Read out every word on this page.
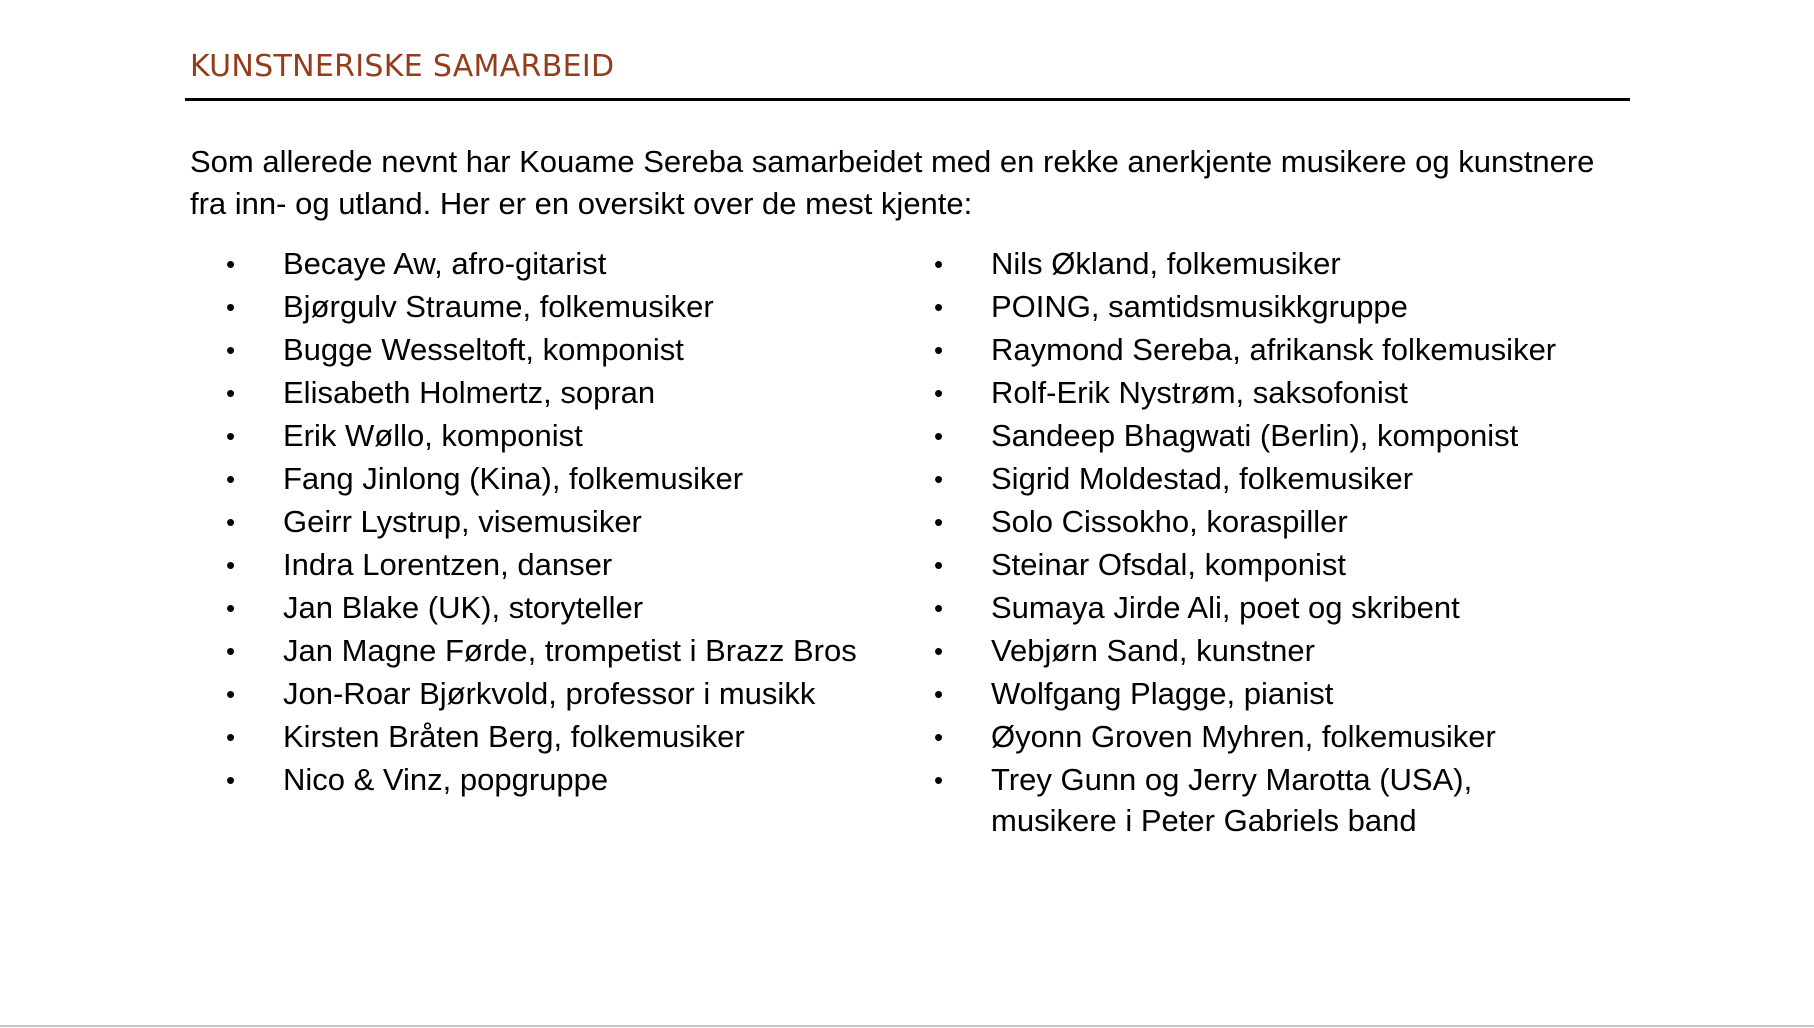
KUNSTNERISKE SAMARBEID

Som allerede nevnt har Kouame Sereba samarbeidet med en rekke anerkjente musikere og kunstnere fra inn- og utland. Her er en oversikt over de mest kjente:

•	Becaye Aw, afro-gitarist
•	Bjørgulv Straume, folkemusiker
•	Bugge Wesseltoft, komponist
•	Elisabeth Holmertz, sopran
•	Erik Wøllo, komponist
•	Fang Jinlong (Kina), folkemusiker
•	Geirr Lystrup, visemusiker
•	Indra Lorentzen, danser
•	Jan Blake (UK), storyteller
•	Jan Magne Førde, trompetist i Brazz Bros
•	Jon-Roar Bjørkvold, professor i musikk
•	Kirsten Bråten Berg, folkemusiker
•	Nico & Vinz, popgruppe
•	Nils Økland, folkemusiker
•	POING, samtidsmusikkgruppe
•	Raymond Sereba, afrikansk folkemusiker
•	Rolf-Erik Nystrøm, saksofonist
•	Sandeep Bhagwati (Berlin), komponist
•	Sigrid Moldestad, folkemusiker
•	Solo Cissokho, koraspiller
•	Steinar Ofsdal, komponist
•	Sumaya Jirde Ali, poet og skribent
•	Vebjørn Sand, kunstner
•	Wolfgang Plagge, pianist
•	Øyonn Groven Myhren, folkemusiker
•	Trey Gunn og Jerry Marotta (USA), musikere i Peter Gabriels band
